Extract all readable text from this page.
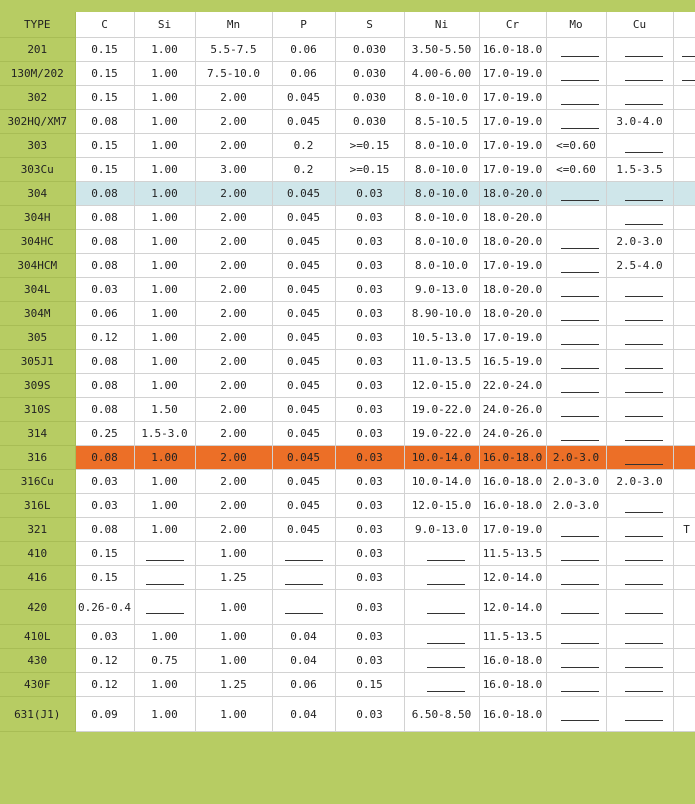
TYPE	C	Si	Mn	P	S	Ni	Cr	Mo	Cu	
201	0.15	1.00	5.5-7.5	0.06	0.030	3.50-5.50	16.0-18.0			
130M/202	0.15	1.00	7.5-10.0	0.06	0.030	4.00-6.00	17.0-19.0			
302	0.15	1.00	2.00	0.045	0.030	8.0-10.0	17.0-19.0			
302HQ/XM7	0.08	1.00	2.00	0.045	0.030	8.5-10.5	17.0-19.0		3.0-4.0	
303	0.15	1.00	2.00	0.2	>=0.15	8.0-10.0	17.0-19.0	<=0.60		
303Cu	0.15	1.00	3.00	0.2	>=0.15	8.0-10.0	17.0-19.0	<=0.60	1.5-3.5	
304	0.08	1.00	2.00	0.045	0.03	8.0-10.0	18.0-20.0			
304H	0.08	1.00	2.00	0.045	0.03	8.0-10.0	18.0-20.0			
304HC	0.08	1.00	2.00	0.045	0.03	8.0-10.0	18.0-20.0		2.0-3.0	
304HCM	0.08	1.00	2.00	0.045	0.03	8.0-10.0	17.0-19.0		2.5-4.0	
304L	0.03	1.00	2.00	0.045	0.03	9.0-13.0	18.0-20.0			
304M	0.06	1.00	2.00	0.045	0.03	8.90-10.0	18.0-20.0			
305	0.12	1.00	2.00	0.045	0.03	10.5-13.0	17.0-19.0			
305J1	0.08	1.00	2.00	0.045	0.03	11.0-13.5	16.5-19.0			
309S	0.08	1.00	2.00	0.045	0.03	12.0-15.0	22.0-24.0			
310S	0.08	1.50	2.00	0.045	0.03	19.0-22.0	24.0-26.0			
314	0.25	1.5-3.0	2.00	0.045	0.03	19.0-22.0	24.0-26.0			
316	0.08	1.00	2.00	0.045	0.03	10.0-14.0	16.0-18.0	2.0-3.0		
316Cu	0.03	1.00	2.00	0.045	0.03	10.0-14.0	16.0-18.0	2.0-3.0	2.0-3.0	
316L	0.03	1.00	2.00	0.045	0.03	12.0-15.0	16.0-18.0	2.0-3.0		
321	0.08	1.00	2.00	0.045	0.03	9.0-13.0	17.0-19.0			T
410	0.15		1.00		0.03		11.5-13.5			
416	0.15		1.25		0.03		12.0-14.0			
420	0.26-0.4		1.00		0.03		12.0-14.0			
410L	0.03	1.00	1.00	0.04	0.03		11.5-13.5			
430	0.12	0.75	1.00	0.04	0.03		16.0-18.0			
430F	0.12	1.00	1.25	0.06	0.15		16.0-18.0			
631(J1)	0.09	1.00	1.00	0.04	0.03	6.50-8.50	16.0-18.0			
